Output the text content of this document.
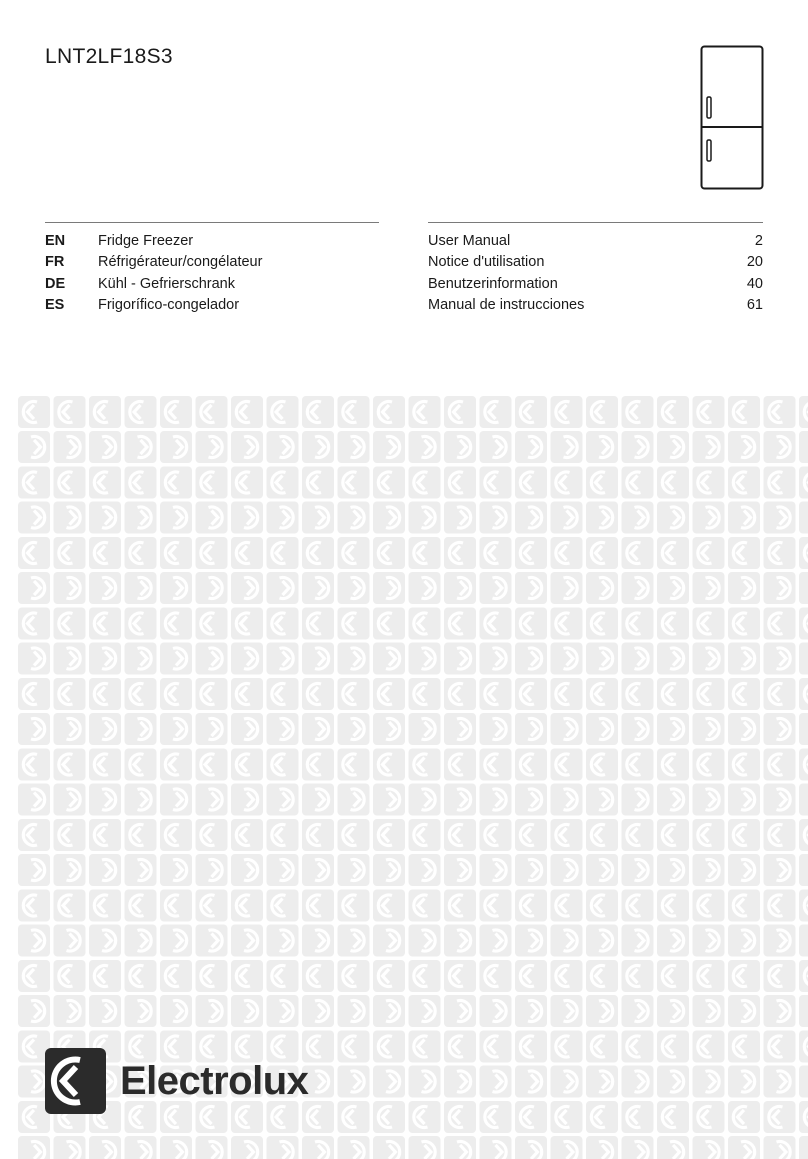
LNT2LF18S3
EN	Fridge Freezer
FR	Réfrigérateur/congélateur
DE	Kühl - Gefrierschrank
ES	Frigorífico-congelador
User Manual	2
Notice d'utilisation	20
Benutzerinformation	40
Manual de instrucciones	61
Electrolux
